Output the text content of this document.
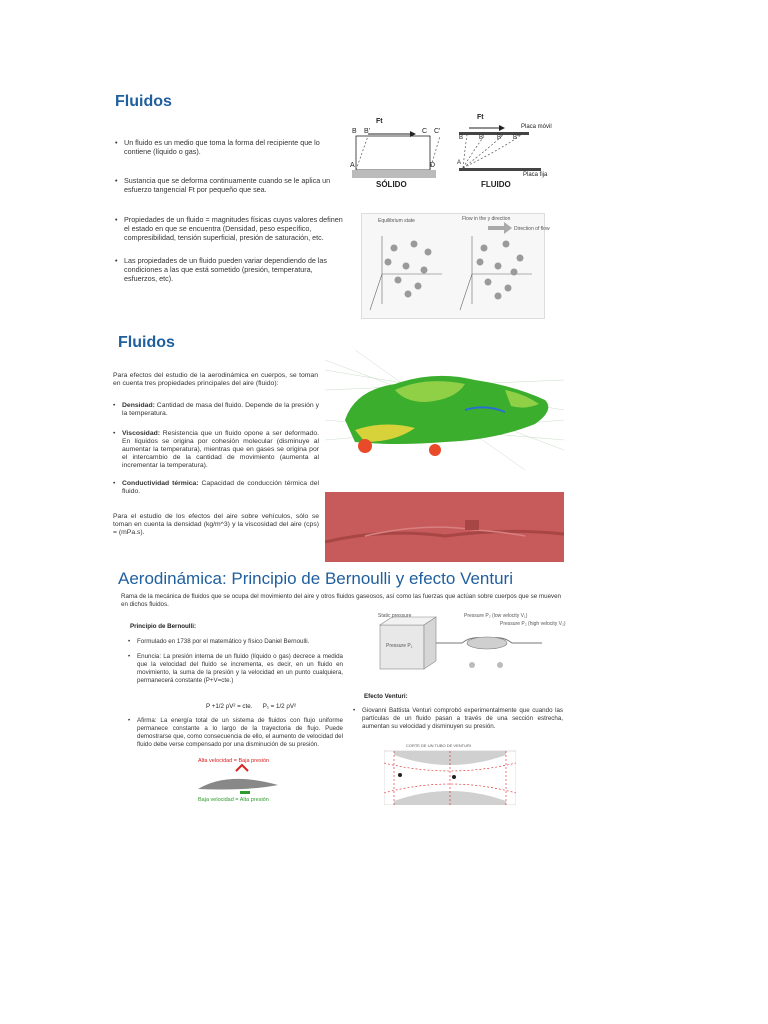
Fluidos
• Un fluido es un medio que toma la forma del recipiente que lo contiene (líquido o gas).
• Sustancia que se deforma continuamente cuando se le aplica un esfuerzo tangencial Ft por pequeño que sea.
• Propiedades de un fluido = magnitudes físicas cuyos valores definen el estado en que se encuentra (Densidad, peso específico, compresibilidad, tensión superficial, presión de saturación, etc.
• Las propiedades de un fluido pueden variar dependiendo de las condiciones a las que está sometido (presión, temperatura, esfuerzos, etc).
Ft
B B'	C C'
A	D
SÓLIDO
Ft
Placa móvil
Placa fija
B	B' B" B'''
A
FLUIDO
Equilibrium state	Flow in the y direction
Direction of flow
Fluidos
Para efectos del estudio de la aerodinámica en cuerpos, se toman en cuenta tres propiedades principales del aire (fluido):
• Densidad: Cantidad de masa del fluido. Depende de la presión y la temperatura.
• Viscosidad: Resistencia que un fluido opone a ser deformado. En líquidos se origina por cohesión molecular (disminuye al aumentar la temperatura), mientras que en gases se origina por el intercambio de la cantidad de movimiento (aumenta al incrementar la temperatura).
• Conductividad térmica: Capacidad de conducción térmica del fluido.
Para el estudio de los efectos del aire sobre vehículos, sólo se toman en cuenta la densidad (kg/m^3) y la viscosidad del aire (cps) = (mPa.s).
Aerodinámica: Principio de Bernoulli y efecto Venturi
Rama de la mecánica de fluidos que se ocupa del movimiento del aire y otros fluidos gaseosos, así como las fuerzas que actúan sobre cuerpos que se mueven en dichos fluidos.
Principio de Bernoulli:
• Formulado en 1738 por el matemático y físico Daniel Bernoulli.
• Enuncia: La presión interna de un fluido (líquido o gas) decrece a medida que la velocidad del fluido se incrementa, es decir, en un fluido en movimiento, la suma de la presión y la velocidad en un punto cualquiera, permanecerá constante (P+V=cte.)
P +1/2 ρV² = cte. P₁ = 1/2 ρV²
• Afirma: La energía total de un sistema de fluidos con flujo uniforme permanece constante a lo largo de la trayectoria de flujo. Puede demostrarse que, como consecuencia de ello, el aumento de velocidad del fluido debe verse compensado por una disminución de su presión.
Alta velocidad = Baja presión
Baja velocidad = Alta presión
Static pressure
Pressure P₁
Pressure P₂ (low velocity V₁)
Pressure P₂ (high velocity V₂)
Efecto Venturi:
• Giovanni Battista Venturi comprobó experimentalmente que cuando las partículas de un fluido pasan a través de una sección estrecha, aumentan su velocidad y disminuyen su presión.
CORTE DE UN TUBO DE VENTURI
